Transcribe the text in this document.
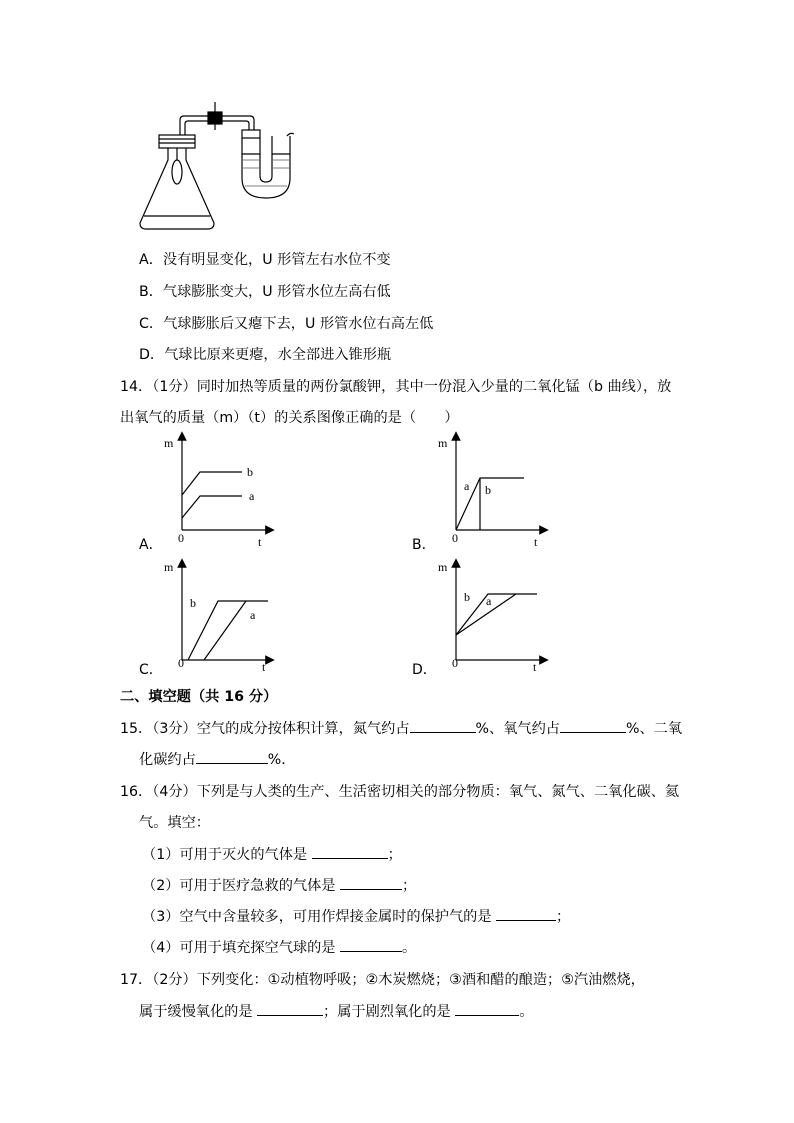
A．没有明显变化，U 形管左右水位不变
B．气球膨胀变大，U 形管水位左高右低
C．气球膨胀后又瘪下去，U 形管水位右高左低
D．气球比原来更瘪，水全部进入锥形瓶
14．（1分）同时加热等质量的两份氯酸钾，其中一份混入少量的二氧化锰（b 曲线），放
出氧气的质量（m）（t）的关系图像正确的是（　　）
A．
m
t
0
b
a
B．
m
t
0
a b
C．
m
t
0
b
a
D．
m
t
0
b a
二、填空题（共 16 分）
15．（3分）空气的成分按体积计算，氮气约占	%、氧气约占	%、二氧
化碳约占	%．
16．（4分）下列是与人类的生产、生活密切相关的部分物质：氧气、氮气、二氧化碳、氦
气。填空：
（1）可用于灭火的气体是	；
（2）可用于医疗急救的气体是	；
（3）空气中含量较多，可用作焊接金属时的保护气的是	；
（4）可用于填充探空气球的是	。
17．（2分）下列变化：①动植物呼吸；②木炭燃烧；③酒和醋的酿造；⑤汽油燃烧，
属于缓慢氧化的是	；属于剧烈氧化的是	。
